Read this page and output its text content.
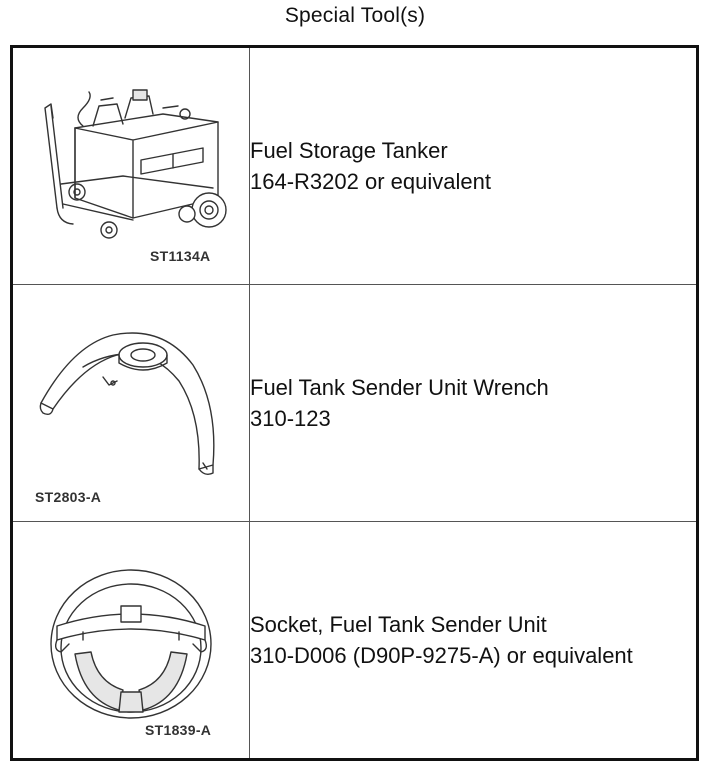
Special Tool(s)
ST1134A	Fuel Storage Tanker
164-R3202 or equivalent

ST2803-A	Fuel Tank Sender Unit Wrench
310-123

ST1839-A	Socket, Fuel Tank Sender Unit
310-D006 (D90P-9275-A) or equivalent
